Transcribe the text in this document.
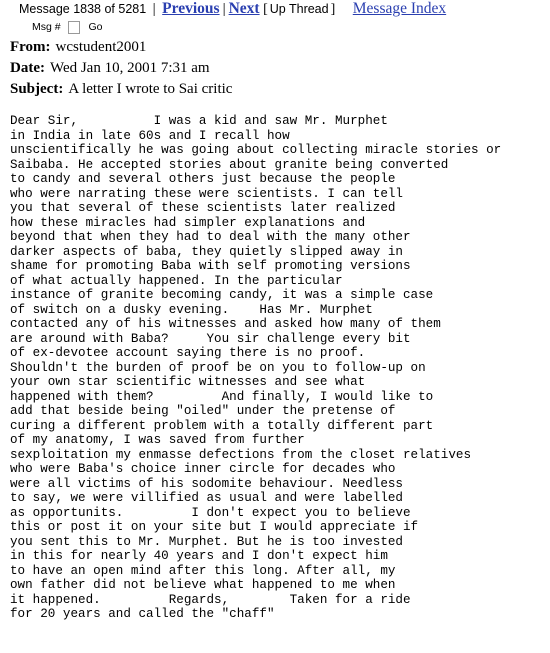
Message 1838 of 5281 | Previous | Next [ Up Thread ] Message Index
Msg #	Go
From: wcstudent2001
Date: Wed Jan 10, 2001 7:31 am
Subject: A letter I wrote to Sai critic
Dear Sir,          I was a kid and saw Mr. Murphet
in India in late 60s and I recall how
unscientifically he was going about collecting miracle stories or
Saibaba. He accepted stories about granite being converted
to candy and several others just because the people
who were narrating these were scientists. I can tell
you that several of these scientists later realized
how these miracles had simpler explanations and
beyond that when they had to deal with the many other
darker aspects of baba, they quietly slipped away in
shame for promoting Baba with self promoting versions
of what actually happened. In the particular
instance of granite becoming candy, it was a simple case
of switch on a dusky evening.    Has Mr. Murphet
contacted any of his witnesses and asked how many of them
are around with Baba?     You sir challenge every bit
of ex-devotee account saying there is no proof.
Shouldn't the burden of proof be on you to follow-up on
your own star scientific witnesses and see what
happened with them?         And finally, I would like to
add that beside being "oiled" under the pretense of
curing a different problem with a totally different part
of my anatomy, I was saved from further
sexploitation my enmasse defections from the closet relatives
who were Baba's choice inner circle for decades who
were all victims of his sodomite behaviour. Needless
to say, we were villified as usual and were labelled
as opportunits.         I don't expect you to believe
this or post it on your site but I would appreciate if
you sent this to Mr. Murphet. But he is too invested
in this for nearly 40 years and I don't expect him
to have an open mind after this long. After all, my
own father did not believe what happened to me when
it happened.         Regards,        Taken for a ride
for 20 years and called the "chaff"
